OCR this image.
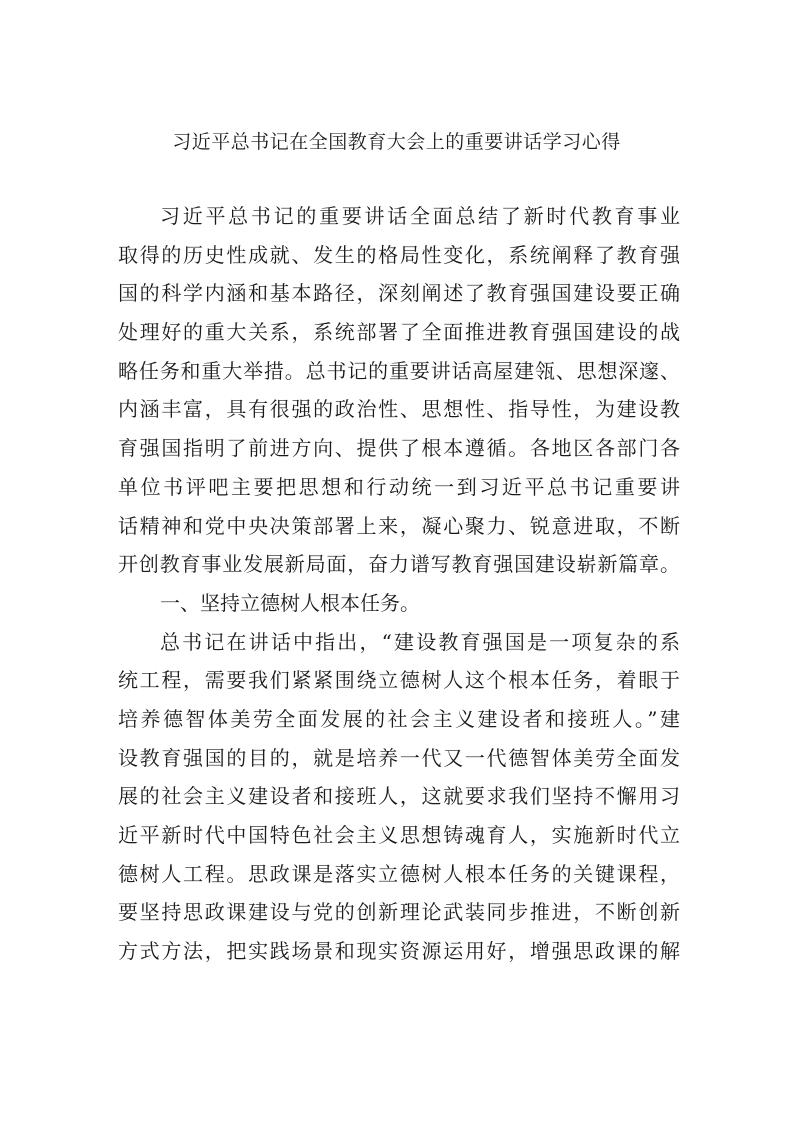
习近平总书记在全国教育大会上的重要讲话学习心得
习近平总书记的重要讲话全面总结了新时代教育事业
取得的历史性成就、发生的格局性变化，系统阐释了教育强
国的科学内涵和基本路径，深刻阐述了教育强国建设要正确
处理好的重大关系，系统部署了全面推进教育强国建设的战
略任务和重大举措。总书记的重要讲话高屋建瓴、思想深邃、
内涵丰富，具有很强的政治性、思想性、指导性，为建设教
育强国指明了前进方向、提供了根本遵循。各地区各部门各
单位书评吧主要把思想和行动统一到习近平总书记重要讲
话精神和党中央决策部署上来，凝心聚力、锐意进取，不断
开创教育事业发展新局面，奋力谱写教育强国建设崭新篇章。
一、坚持立德树人根本任务。
总书记在讲话中指出，“建设教育强国是一项复杂的系
统工程，需要我们紧紧围绕立德树人这个根本任务，着眼于
培养德智体美劳全面发展的社会主义建设者和接班人。”建
设教育强国的目的，就是培养一代又一代德智体美劳全面发
展的社会主义建设者和接班人，这就要求我们坚持不懈用习
近平新时代中国特色社会主义思想铸魂育人，实施新时代立
德树人工程。思政课是落实立德树人根本任务的关键课程，
要坚持思政课建设与党的创新理论武装同步推进，不断创新
方式方法，把实践场景和现实资源运用好，增强思政课的解
